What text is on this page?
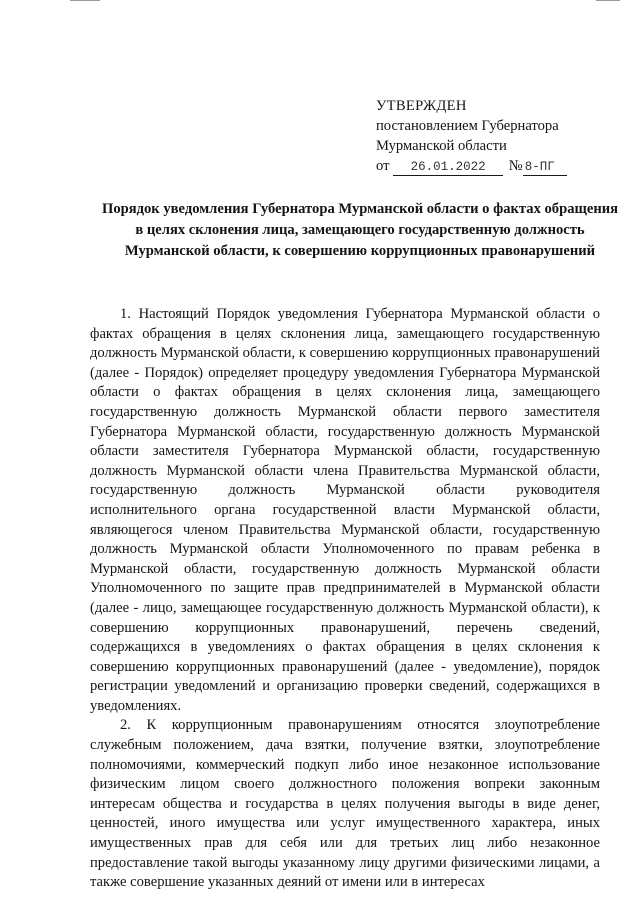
УТВЕРЖДЕН
постановлением Губернатора
Мурманской области
от 26.01.2022 № 8-ПГ
Порядок уведомления Губернатора Мурманской области о фактах обращения в целях склонения лица, замещающего государственную должность Мурманской области, к совершению коррупционных правонарушений

1. Настоящий Порядок уведомления Губернатора Мурманской области о фактах обращения в целях склонения лица, замещающего государственную должность Мурманской области, к совершению коррупционных правонарушений (далее - Порядок) определяет процедуру уведомления Губернатора Мурманской области о фактах обращения в целях склонения лица, замещающего государственную должность Мурманской области первого заместителя Губернатора Мурманской области, государственную должность Мурманской области заместителя Губернатора Мурманской области, государственную должность Мурманской области члена Правительства Мурманской области, государственную должность Мурманской области руководителя исполнительного органа государственной власти Мурманской области, являющегося членом Правительства Мурманской области, государственную должность Мурманской области Уполномоченного по правам ребенка в Мурманской области, государственную должность Мурманской области Уполномоченного по защите прав предпринимателей в Мурманской области (далее - лицо, замещающее государственную должность Мурманской области), к совершению коррупционных правонарушений, перечень сведений, содержащихся в уведомлениях о фактах обращения в целях склонения к совершению коррупционных правонарушений (далее - уведомление), порядок регистрации уведомлений и организацию проверки сведений, содержащихся в уведомлениях.

2. К коррупционным правонарушениям относятся злоупотребление служебным положением, дача взятки, получение взятки, злоупотребление полномочиями, коммерческий подкуп либо иное незаконное использование физическим лицом своего должностного положения вопреки законным интересам общества и государства в целях получения выгоды в виде денег, ценностей, иного имущества или услуг имущественного характера, иных имущественных прав для себя или для третьих лиц либо незаконное предоставление такой выгоды указанному лицу другими физическими лицами, а также совершение указанных деяний от имени или в интересах
